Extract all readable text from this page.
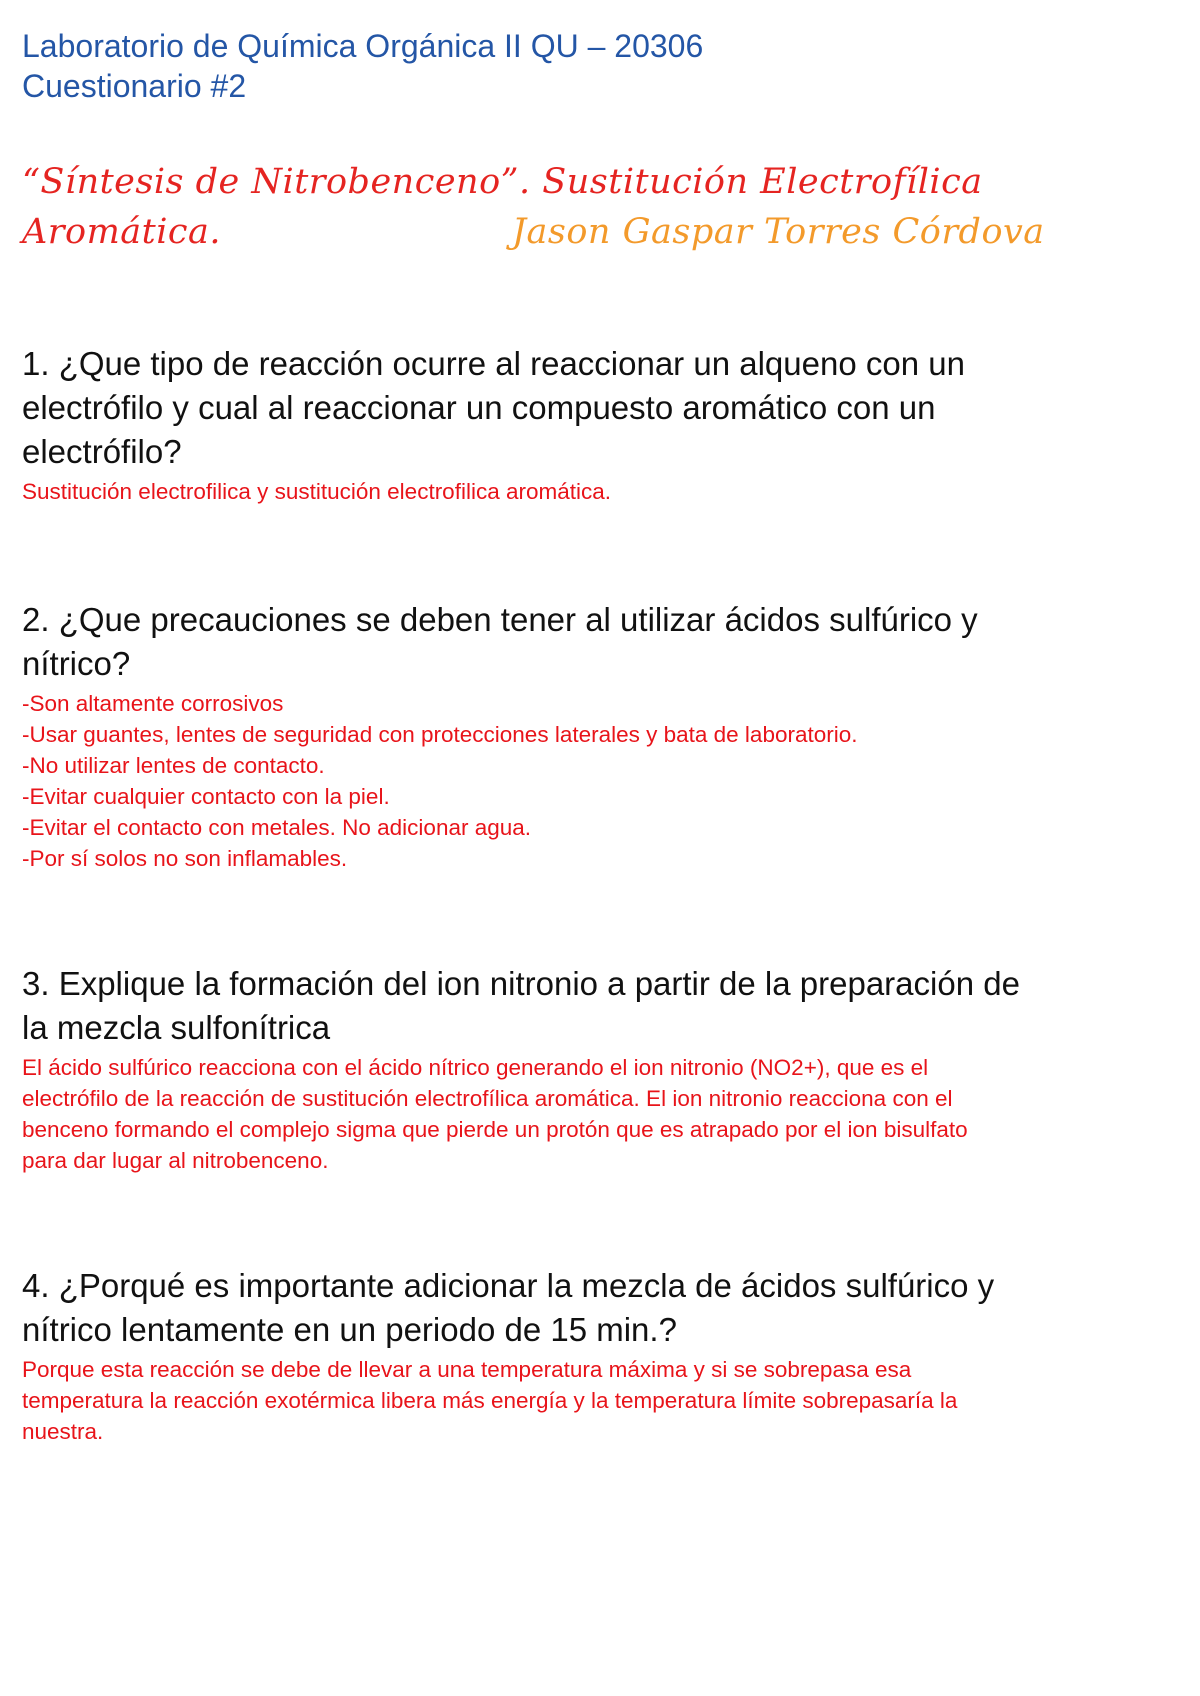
Laboratorio de Química Orgánica II QU – 20306
Cuestionario #2
“Síntesis de Nitrobenceno”. Sustitución Electrofílica
Aromática.	Jason Gaspar Torres Córdova
1. ¿Que tipo de reacción ocurre al reaccionar un alqueno con un
electrófilo y cual al reaccionar un compuesto aromático con un
electrófilo?
Sustitución electrofilica y sustitución electrofilica aromática.
2. ¿Que precauciones se deben tener al utilizar ácidos sulfúrico y
nítrico?
-Son altamente corrosivos
-Usar guantes, lentes de seguridad con protecciones laterales y bata de laboratorio.
-No utilizar lentes de contacto.
-Evitar cualquier contacto con la piel.
-Evitar el contacto con metales. No adicionar agua.
-Por sí solos no son inflamables.
3. Explique la formación del ion nitronio a partir de la preparación de
la mezcla sulfonítrica
El ácido sulfúrico reacciona con el ácido nítrico generando el ion nitronio (NO2+), que es el
electrófilo de la reacción de sustitución electrofílica aromática. El ion nitronio reacciona con el
benceno formando el complejo sigma que pierde un protón que es atrapado por el ion bisulfato
para dar lugar al nitrobenceno.
4. ¿Porqué es importante adicionar la mezcla de ácidos sulfúrico y
nítrico lentamente en un periodo de 15 min.?
Porque esta reacción se debe de llevar a una temperatura máxima y si se sobrepasa esa
temperatura la reacción exotérmica libera más energía y la temperatura límite sobrepasaría la
nuestra.
